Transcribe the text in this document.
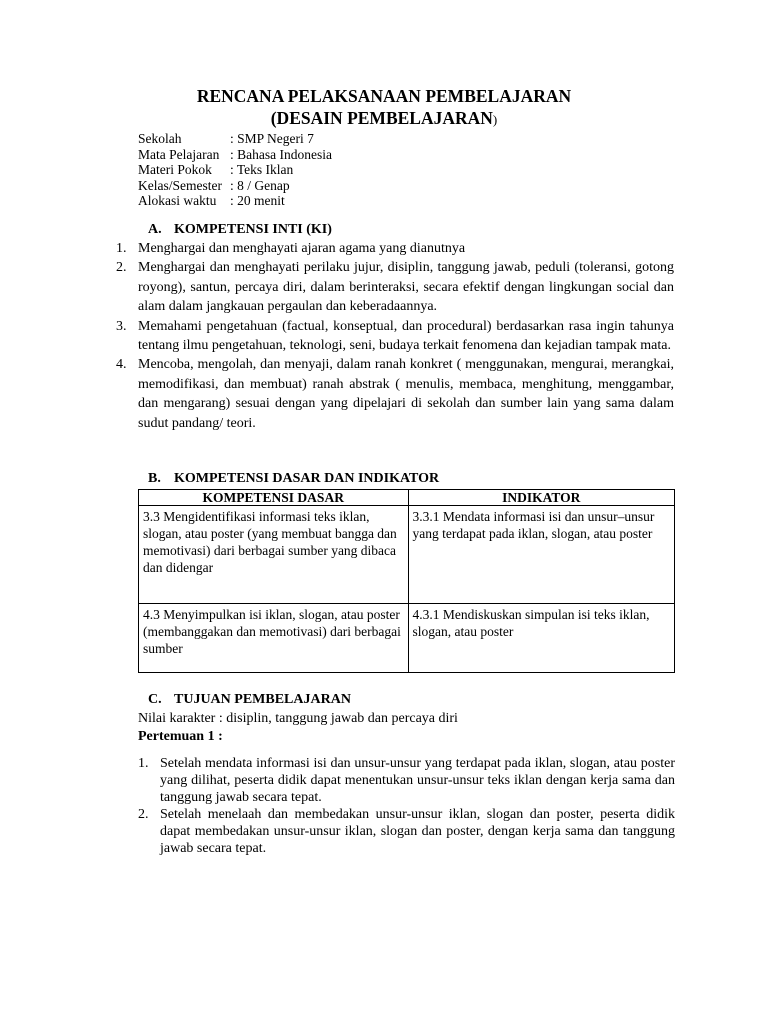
RENCANA PELAKSANAAN PEMBELAJARAN
(DESAIN PEMBELAJARAN)
Sekolah	: SMP Negeri 7
Mata Pelajaran : Bahasa Indonesia
Materi Pokok : Teks Iklan
Kelas/Semester : 8 / Genap
Alokasi waktu : 20 menit
A. KOMPETENSI INTI (KI)
1. Menghargai dan menghayati ajaran agama yang dianutnya
2. Menghargai dan menghayati perilaku jujur, disiplin, tanggung jawab, peduli (toleransi, gotong royong), santun, percaya diri, dalam berinteraksi, secara efektif dengan lingkungan social dan alam dalam jangkauan pergaulan dan keberadaannya.
3. Memahami pengetahuan (factual, konseptual, dan procedural) berdasarkan rasa ingin tahunya tentang ilmu pengetahuan, teknologi, seni, budaya terkait fenomena dan kejadian tampak mata.
4. Mencoba, mengolah, dan menyaji, dalam ranah konkret ( menggunakan, mengurai, merangkai, memodifikasi, dan membuat) ranah abstrak ( menulis, membaca, menghitung, menggambar, dan mengarang) sesuai dengan yang dipelajari di sekolah dan sumber lain yang sama dalam sudut pandang/ teori.
B. KOMPETENSI DASAR DAN INDIKATOR
KOMPETENSI DASAR	INDIKATOR
3.3 Mengidentifikasi informasi teks iklan, slogan, atau poster (yang membuat bangga dan memotivasi) dari berbagai sumber yang dibaca dan didengar	3.3.1 Mendata informasi isi dan unsur–unsur yang terdapat pada iklan, slogan, atau poster
4.3 Menyimpulkan isi iklan, slogan, atau poster (membanggakan dan memotivasi) dari berbagai sumber	4.3.1 Mendiskuskan simpulan isi teks iklan, slogan, atau poster
C. TUJUAN PEMBELAJARAN
Nilai karakter : disiplin, tanggung jawab dan percaya diri
Pertemuan 1 :
1. Setelah mendata informasi isi dan unsur-unsur yang terdapat pada iklan, slogan, atau poster yang dilihat, peserta didik dapat menentukan unsur-unsur teks iklan dengan kerja sama dan tanggung jawab secara tepat.
2. Setelah menelaah dan membedakan unsur-unsur iklan, slogan dan poster, peserta didik dapat membedakan unsur-unsur iklan, slogan dan poster, dengan kerja sama dan tanggung jawab secara tepat.
